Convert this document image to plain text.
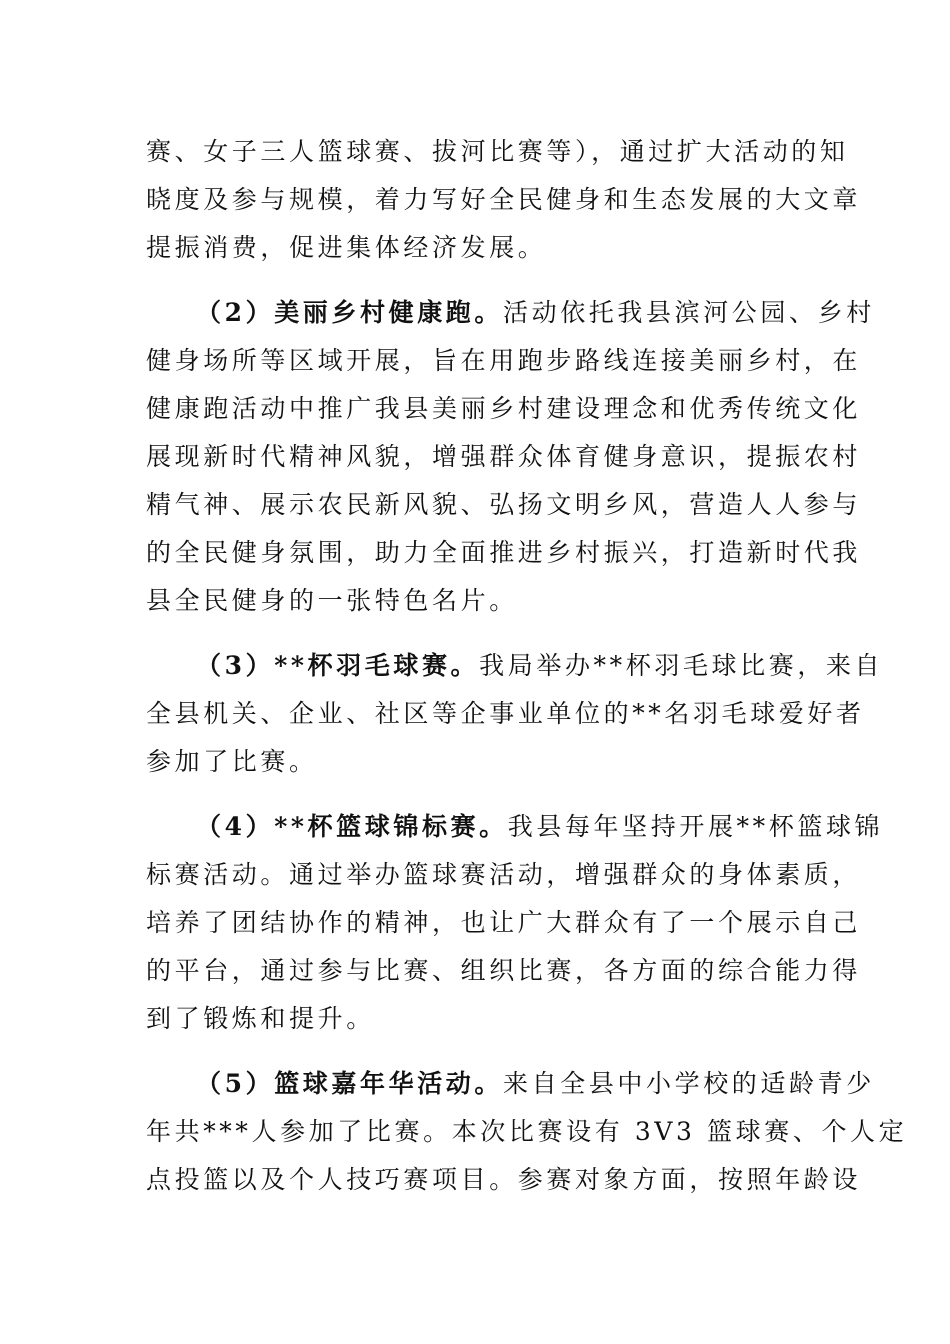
赛、女子三人篮球赛、拔河比赛等），通过扩大活动的知
晓度及参与规模，着力写好全民健身和生态发展的大文章
提振消费，促进集体经济发展。
（2）美丽乡村健康跑。活动依托我县滨河公园、乡村
健身场所等区域开展，旨在用跑步路线连接美丽乡村，在
健康跑活动中推广我县美丽乡村建设理念和优秀传统文化
展现新时代精神风貌，增强群众体育健身意识，提振农村
精气神、展示农民新风貌、弘扬文明乡风，营造人人参与
的全民健身氛围，助力全面推进乡村振兴，打造新时代我
县全民健身的一张特色名片。
（3）**杯羽毛球赛。我局举办**杯羽毛球比赛，来自
全县机关、企业、社区等企事业单位的**名羽毛球爱好者
参加了比赛。
（4）**杯篮球锦标赛。我县每年坚持开展**杯篮球锦
标赛活动。通过举办篮球赛活动，增强群众的身体素质，
培养了团结协作的精神，也让广大群众有了一个展示自己
的平台，通过参与比赛、组织比赛，各方面的综合能力得
到了锻炼和提升。
（5）篮球嘉年华活动。来自全县中小学校的适龄青少
年共***人参加了比赛。本次比赛设有 3V3 篮球赛、个人定
点投篮以及个人技巧赛项目。参赛对象方面，按照年龄设
